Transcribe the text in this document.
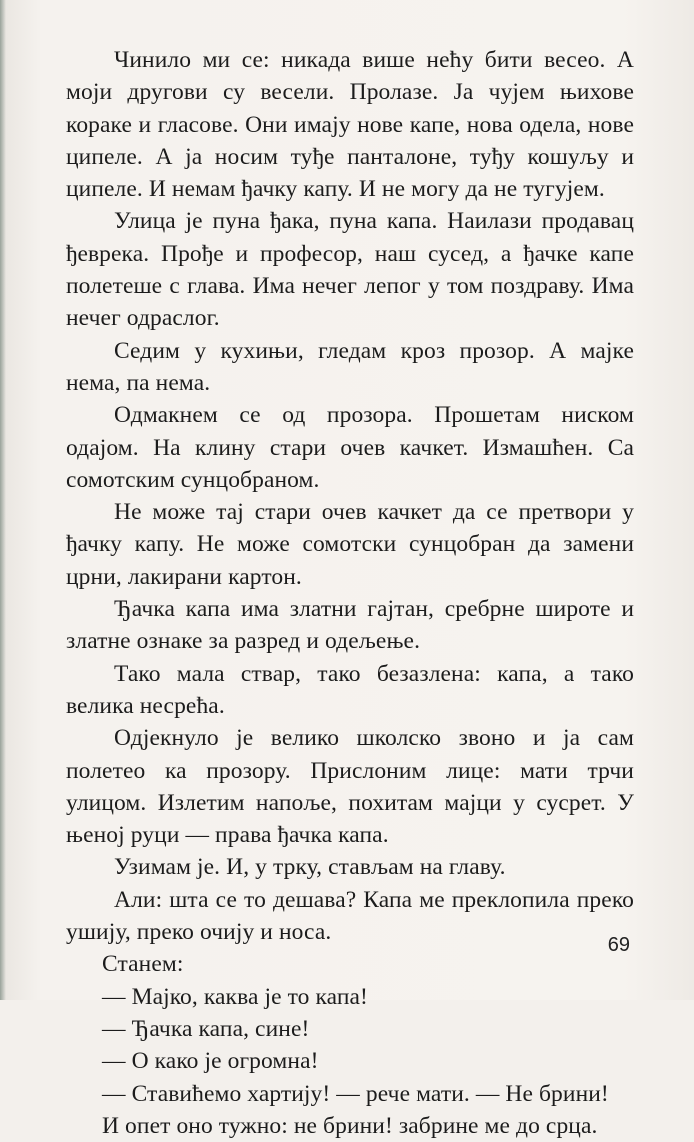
Чинило ми се: никада више нећу бити весео. А моји другови су весели. Пролазе. Ја чујем њихове кораке и гласове. Они имају нове капе, нова одела, нове ципеле. А ја носим туђе панталоне, туђу кошуљу и ципеле. И немам ђачку капу. И не могу да не тугујем.

Улица је пуна ђака, пуна капа. Наилази продавац ђеврека. Прође и професор, наш сусед, а ђачке капе полетеше с глава. Има нечег лепог у том поздраву. Има нечег одраслог.

Седим у кухињи, гледам кроз прозор. А мајке нема, па нема.

Одмакнем се од прозора. Прошетам ниском одајом. На клину стари очев качкет. Измашћен. Са сомотским сунцобраном.

Не може тај стари очев качкет да се претвори у ђачку капу. Не може сомотски сунцобран да замени црни, лакирани картон.

Ђачка капа има златни гајтан, сребрне широте и златне ознаке за разред и одељење.

Тако мала ствар, тако безазлена: капа, а тако велика несрећа.

Одјекнуло је велико школско звоно и ја сам полетео ка прозору. Прислоним лице: мати трчи улицом. Излетим напоље, похитам мајци у сусрет. У њеној руци — права ђачка капа.

Узимам је. И, у трку, стављам на главу.

Али: шта се то дешава? Капа ме преклопила преко ушију, преко очију и носа.

Станем:

— Мајко, каква је то капа!

— Ђачка капа, сине!

— О како је огромна!

— Ставићемо хартију! — рече мати. — Не брини!

И опет оно тужно: не брини! забрине ме до срца.

69
